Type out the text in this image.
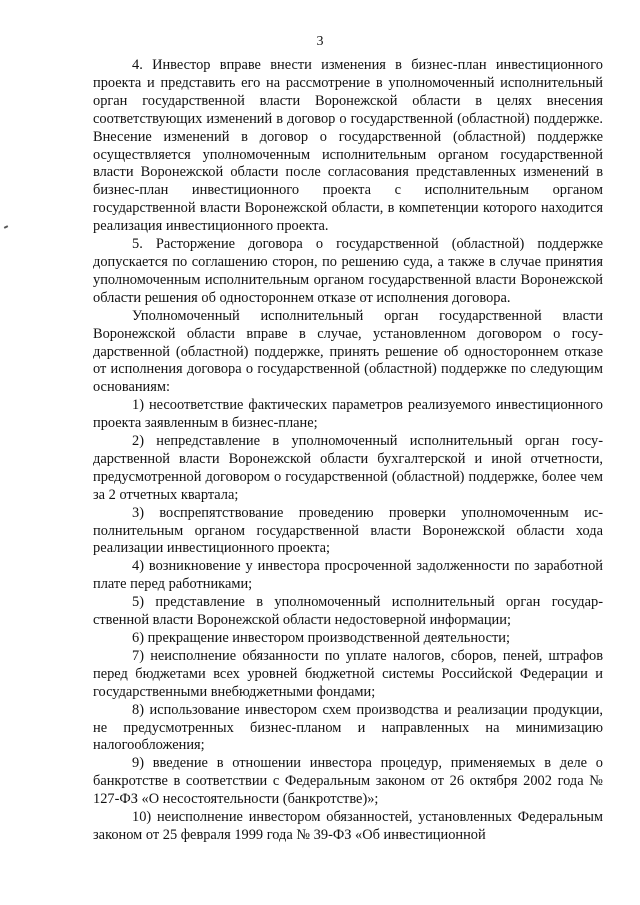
3

4. Инвестор вправе внести изменения в бизнес-план инвестиционного проекта и представить его на рассмотрение в уполномоченный исполнительный орган государственной власти Воронежской области в целях внесения соответствующих изменений в договор о государственной (областной) поддержке. Внесение изменений в договор о государственной (областной) поддержке осуществляется уполномоченным исполнительным органом государственной власти Воронежской области после согласования представленных изменений в бизнес-план инвестиционного проекта с исполнительным органом государственной власти Воронежской области, в компетенции которого находится реализация инвестиционного проекта.

5. Расторжение договора о государственной (областной) поддержке допускается по соглашению сторон, по решению суда, а также в случае принятия уполномоченным исполнительным органом государственной власти Воронежской области решения об одностороннем отказе от исполнения договора.

Уполномоченный исполнительный орган государственной власти Воронежской области вправе в случае, установленном договором о государственной (областной) поддержке, принять решение об одностороннем отказе от исполнения договора о государственной (областной) поддержке по следующим основаниям:

1) несоответствие фактических параметров реализуемого инвестиционного проекта заявленным в бизнес-плане;

2) непредставление в уполномоченный исполнительный орган государственной власти Воронежской области бухгалтерской и иной отчетности, предусмотренной договором о государственной (областной) поддержке, более чем за 2 отчетных квартала;

3) воспрепятствование проведению проверки уполномоченным исполнительным органом государственной власти Воронежской области хода реализации инвестиционного проекта;

4) возникновение у инвестора просроченной задолженности по заработной плате перед работниками;

5) представление в уполномоченный исполнительный орган государственной власти Воронежской области недостоверной информации;

6) прекращение инвестором производственной деятельности;

7) неисполнение обязанности по уплате налогов, сборов, пеней, штрафов перед бюджетами всех уровней бюджетной системы Российской Федерации и государственными внебюджетными фондами;

8) использование инвестором схем производства и реализации продукции, не предусмотренных бизнес-планом и направленных на минимизацию налогообложения;

9) введение в отношении инвестора процедур, применяемых в деле о банкротстве в соответствии с Федеральным законом от 26 октября 2002 года № 127-ФЗ «О несостоятельности (банкротстве)»;

10) неисполнение инвестором обязанностей, установленных Федеральным законом от 25 февраля 1999 года № 39-ФЗ «Об инвестиционной
